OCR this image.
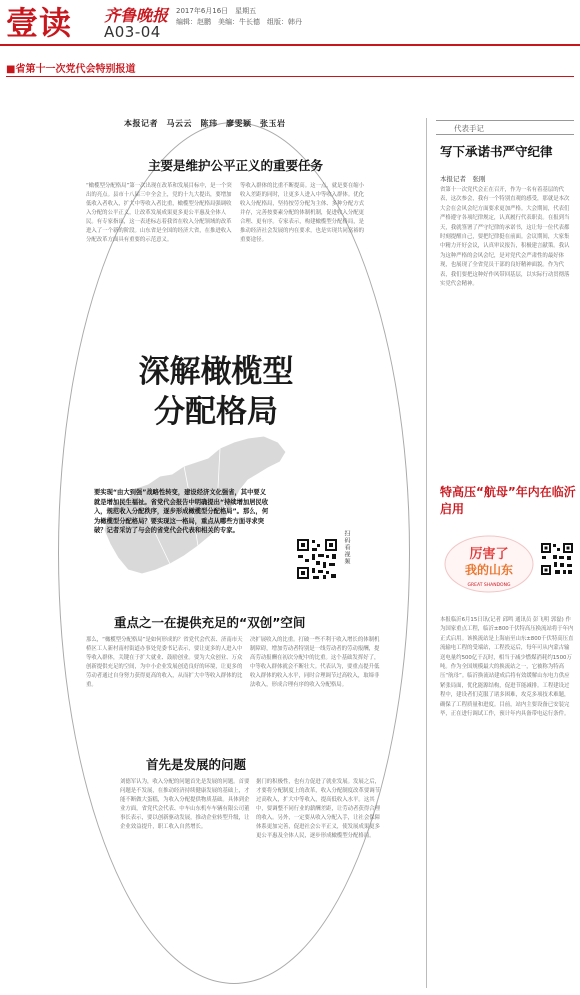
壹读 齐鲁晚报 2017年6月16日　星期五
编辑：赵鹏　美编：牛长德　组版：韩丹
A03-04
■省第十一次党代会特别报道
本报记者　马云云　陈玮　廖雯颖　张玉岩
主要是维护公平正义的重要任务
“橄榄型分配格局”第一次出现在改革和发展目标中，是一个突出的亮点。县市十八届三中全会上，党的十九大提出，要增加低收入者收入，扩大中等收入者比重，橄榄型分配格局强调收入分配的公平正义，让改革发展成果更多更公平惠及全体人民。有专家指出，这一表述标志着我省在收入分配领域的改革进入了一个新的阶段。山东省是全国的经济大省，在推进收入分配改革方面具有重要的示范意义。
等收入群体的比重不断提高。这一点，就是要在缩小收入差距的同时，让更多人进入中等收入群体。优化收入分配格局，坚持按劳分配为主体、多种分配方式并存，完善按要素分配的体制机制，促进收入分配更合理、更有序。专家表示，构建橄榄型分配格局，是推动经济社会发展的内在要求，也是实现共同富裕的重要途径。
深解橄榄型
分配格局
要实现“由大到强”战略性转变，建设经济文化强省，其中要义就是增加民生福祉。省党代会报告中明确提出“持续增加居民收入，规范收入分配秩序，逐步形成橄榄型分配格局”。那么，何为橄榄型分配格局？要实现这一格局，重点从哪些方面寻求突破？记者采访了与会的省党代会代表和相关的专家。	扫码看视频
重点之一在提供充足的“双创”空间
那么，“橄榄型分配格局”是如何形成的？省党代会代表、济南市天桥区工人新村南村街道办事处党委书记表示，要让更多的人进入中等收入群体，关键在于扩大就业、鼓励创业。要为大众创业、万众创新提供充足的空间，为中小企业发展创造良好的环境，让更多的劳动者通过自身努力获得更高的收入，从而扩大中等收入群体的比重。
决扩展收入的比重。打破一些不利于收入增长的体制机制障碍，增加劳动者特别是一线劳动者的劳动报酬，提高劳动报酬在初次分配中的比重。这个基础发挥好了，中等收入群体就会不断壮大。代表认为，要重点提升低收入群体的收入水平，同时合理调节过高收入，取缔非法收入，形成合理有序的收入分配格局。
首先是发展的问题
刘德军认为，收入分配的问题首先是发展的问题。首要问题是不发展，在推动经济持续健康发展的基础上，才能不断做大蛋糕，为收入分配提供物质基础。具体到企业方面，省党代会代表、中车山东机车车辆有限公司董事长表示，要以创新驱动发展，推动企业转型升级，让企业效益提升，职工收入自然增长。
据门的积极性，也有力促进了就业发展。发展之后，才要将分配制度上的改革，收入分配制度改革要调节过高收入，扩大中等收入，提高低收入水平。这其中，要调整不同行业的薪酬差距，让劳动者获得合理的收入。另外，一定要从收入分配入手，让社会保障体系更加完善，促进社会公平正义，使发展成果更多更公平惠及全体人民，逐步形成橄榄型分配格局。
代表手记
写下承诺书严守纪律
本报记者　张刚
省第十一次党代会正在召开，作为一名有着基层的代表，这次参会，我有一个特别直观的感受，那就是本次大会在会风会纪方面要求更加严格。大会期间，代表们严格遵守各项纪律规定，认真履行代表职责。在报到当天，我就签署了严守纪律的承诺书，这让每一位代表都时刻提醒自己，要把纪律挺在前面。会议期间，大家集中精力开好会议，认真审议报告，积极建言献策。我认为这种严格的会风会纪，是对党代会严肃性的最好体现，也展现了全省党员干部的良好精神面貌。作为代表，我们要把这种好作风带回基层，以实际行动贯彻落实党代会精神。
特高压“航母”年内在临沂启用
厉害了
我的山东
GREAT SHANDONG
本报临沂6月15日讯(记者 邱鸣 通讯员 彭飞明 郭磊) 作为国家重点工程，临沂±800千伏特高压换流站将于年内正式启用。该换流站是上海庙至山东±800千伏特高压直流输电工程的受端站，工程投运后，每年可从内蒙古输送电量约500亿千瓦时，相当于减少燃煤消耗约1500万吨。作为全国规模最大的换流站之一，它被称为特高压“航母”。临沂换流站建成后将有效缓解山东电力供应紧张局面，优化能源结构，促进节能减排。工程建设过程中，建设者们克服了诸多困难，攻克多项技术难题，确保了工程质量和进度。目前，站内主要设备已安装完毕，正在进行调试工作，预计年内具备带电运行条件。
